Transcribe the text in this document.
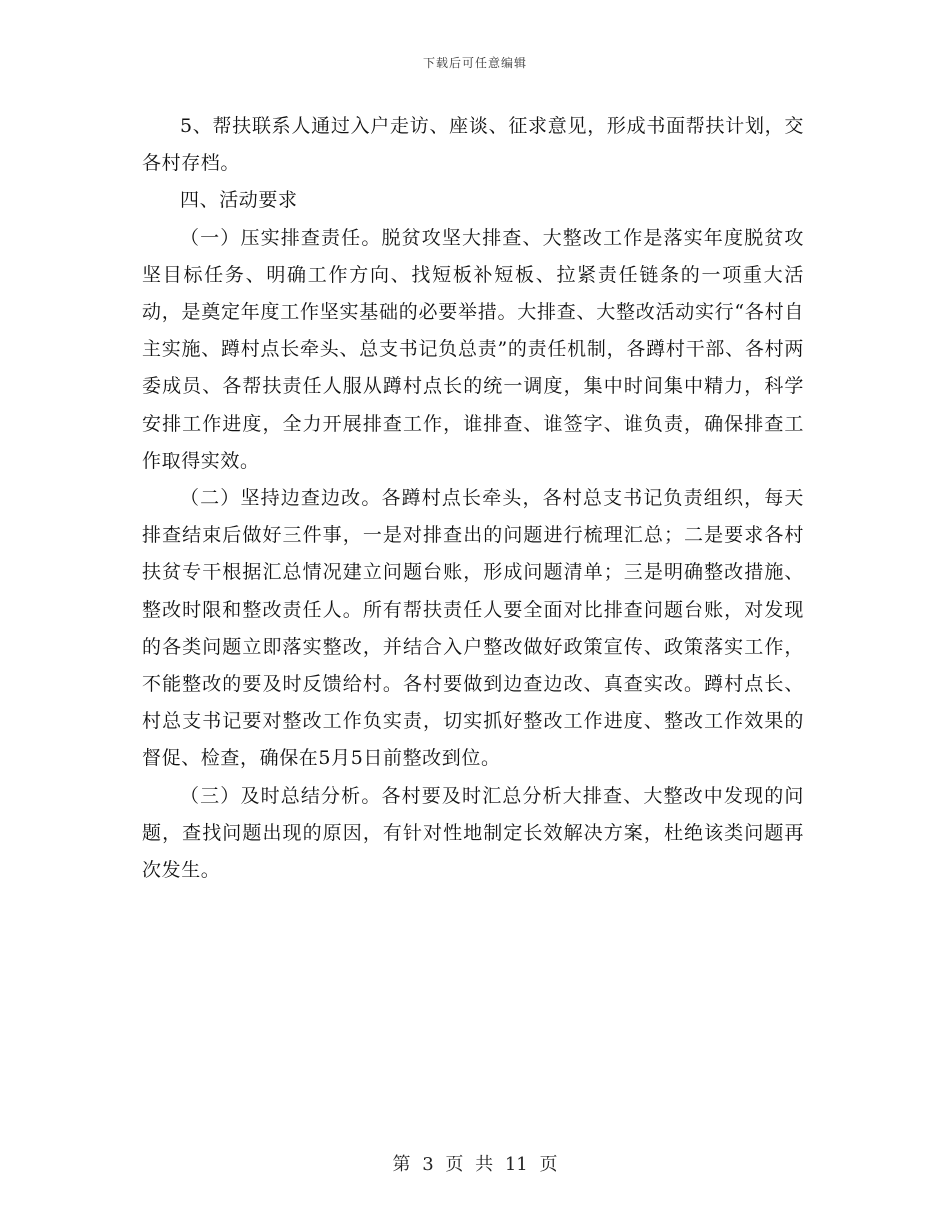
下载后可任意编辑

5、帮扶联系人通过入户走访、座谈、征求意见，形成书面帮扶计划，交各村存档。

四、活动要求

（一）压实排查责任。脱贫攻坚大排查、大整改工作是落实年度脱贫攻坚目标任务、明确工作方向、找短板补短板、拉紧责任链条的一项重大活动，是奠定年度工作坚实基础的必要举措。大排查、大整改活动实行“各村自主实施、蹲村点长牵头、总支书记负总责”的责任机制，各蹲村干部、各村两委成员、各帮扶责任人服从蹲村点长的统一调度，集中时间集中精力，科学安排工作进度，全力开展排查工作，谁排查、谁签字、谁负责，确保排查工作取得实效。

（二）坚持边查边改。各蹲村点长牵头，各村总支书记负责组织，每天排查结束后做好三件事，一是对排查出的问题进行梳理汇总；二是要求各村扶贫专干根据汇总情况建立问题台账，形成问题清单；三是明确整改措施、整改时限和整改责任人。所有帮扶责任人要全面对比排查问题台账，对发现的各类问题立即落实整改，并结合入户整改做好政策宣传、政策落实工作，不能整改的要及时反馈给村。各村要做到边查边改、真查实改。蹲村点长、村总支书记要对整改工作负实责，切实抓好整改工作进度、整改工作效果的督促、检查，确保在5月5日前整改到位。

（三）及时总结分析。各村要及时汇总分析大排查、大整改中发现的问题，查找问题出现的原因，有针对性地制定长效解决方案，杜绝该类问题再次发生。

第 3 页 共 11 页
